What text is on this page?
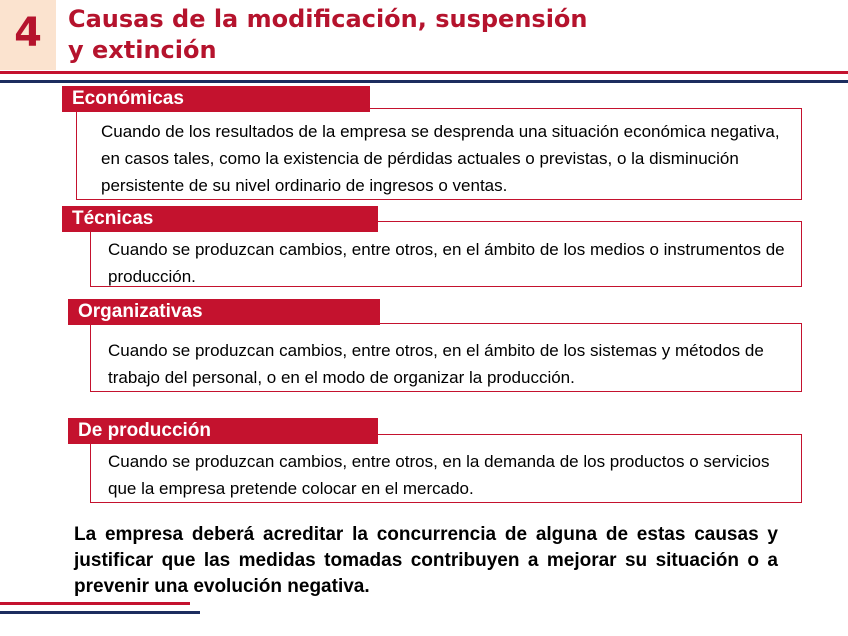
4	Causas de la modificación, suspensión
y extinción
Económicas
Cuando de los resultados de la empresa se desprenda una situación económica negativa, en casos tales, como la existencia de pérdidas actuales o previstas, o la disminución persistente de su nivel ordinario de ingresos o ventas.
Técnicas
Cuando se produzcan cambios, entre otros, en el ámbito de los medios o instrumentos de producción.
Organizativas
Cuando se produzcan cambios, entre otros, en el ámbito de los sistemas y métodos de trabajo del personal, o en el modo de organizar la producción.
De producción
Cuando se produzcan cambios, entre otros, en la demanda de los productos o servicios que la empresa pretende colocar en el mercado.
La empresa deberá acreditar la concurrencia de alguna de estas causas y justificar que las medidas tomadas contribuyen a mejorar su situación o a prevenir una evolución negativa.
